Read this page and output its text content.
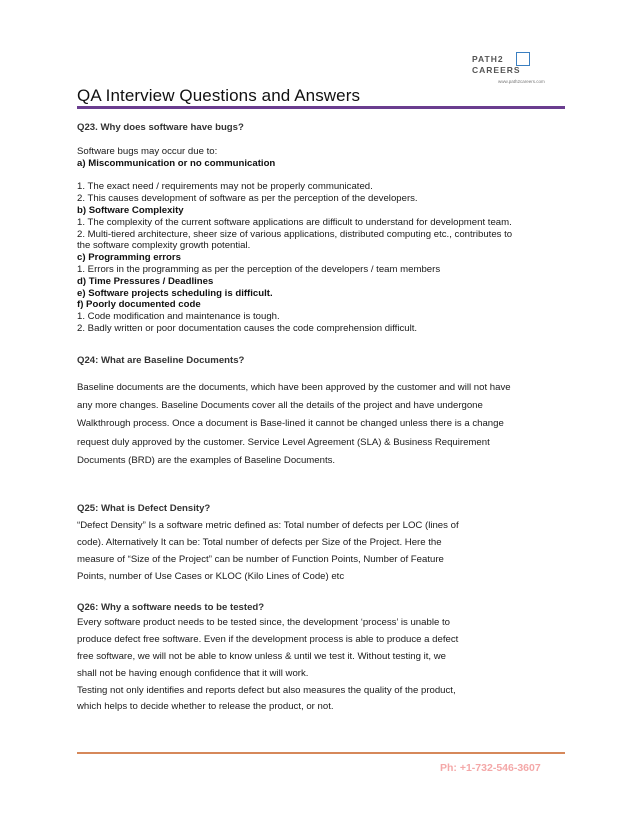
PATH2
CAREERS
www.path2careers.com
QA Interview Questions and Answers

Q23. Why does software have bugs?

Software bugs may occur due to:

a) Miscommunication or no communication

1. The exact need / requirements may not be properly communicated.

2. This causes development of software as per the perception of the developers.

b) Software Complexity

1. The complexity of the current software applications are difficult to understand for development team.

2. Multi-tiered architecture, sheer size of various applications, distributed computing etc., contributes to

the software complexity growth potential.

c) Programming errors

1. Errors in the programming as per the perception of the developers / team members

d) Time Pressures / Deadlines

e) Software projects scheduling is difficult.

f) Poorly documented code

1. Code modification and maintenance is tough.

2. Badly written or poor documentation causes the code comprehension difficult.

Q24: What are Baseline Documents?

Baseline documents are the documents, which have been approved by the customer and will not have

any more changes. Baseline Documents cover all the details of the project and have undergone

Walkthrough process. Once a document is Base-lined it cannot be changed unless there is a change

request duly approved by the customer. Service Level Agreement (SLA) & Business Requirement

Documents (BRD) are the examples of Baseline Documents.

Q25: What is Defect Density?

“Defect Density” Is a software metric defined as: Total number of defects per LOC (lines of

code). Alternatively It can be: Total number of defects per Size of the Project. Here the

measure of “Size of the Project” can be number of Function Points, Number of Feature

Points, number of Use Cases or KLOC (Kilo Lines of Code) etc

Q26: Why a software needs to be tested?

Every software product needs to be tested since, the development ‘process’ is unable to

produce defect free software. Even if the development process is able to produce a defect

free software, we will not be able to know unless & until we test it. Without testing it, we

shall not be having enough confidence that it will work.

Testing not only identifies and reports defect but also measures the quality of the product,

which helps to decide whether to release the product, or not.

Ph: +1-732-546-3607
